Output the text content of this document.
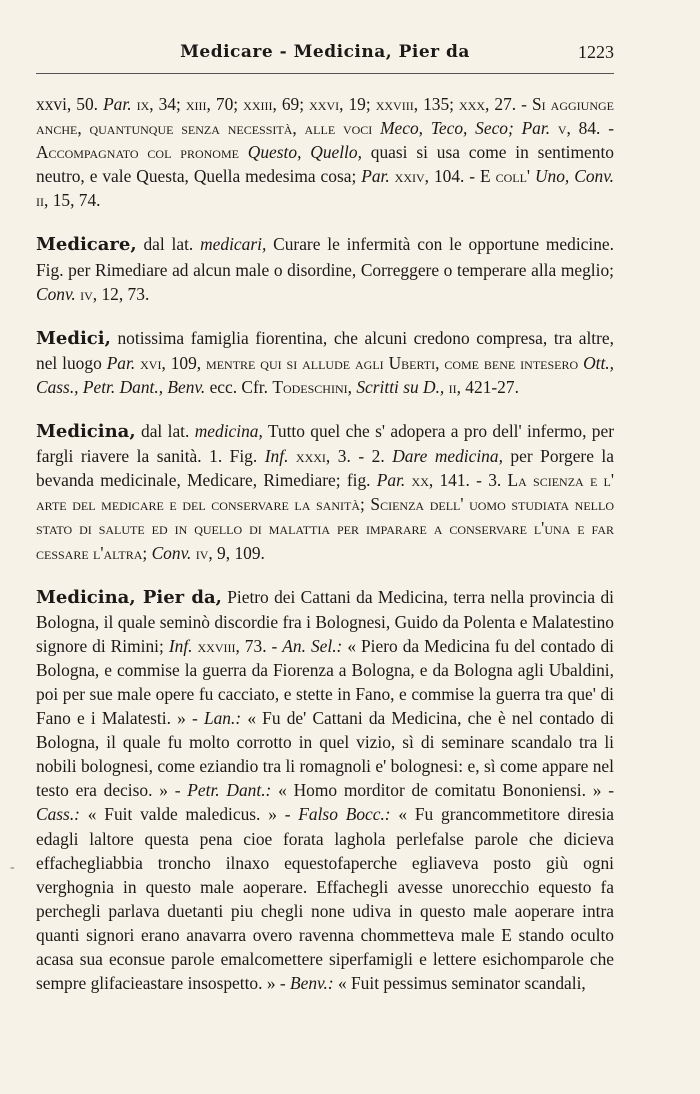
Medicare - Medicina, Pier da	1223
-

xxvi, 50. Par. ix, 34; xiii, 70; xxiii, 69; xxvi, 19; xxviii, 135; xxx, 27. - Si aggiunge anche, quantunque senza necessità, alle voci Meco, Teco, Seco; Par. v, 84. - Accompagnato col pronome Questo, Quello, quasi si usa come in sentimento neutro, e vale Questa, Quella medesima cosa; Par. xxiv, 104. - E coll' Uno, Conv. ii, 15, 74.

Medicare, dal lat. medicari, Curare le infermità con le opportune medicine. Fig. per Rimediare ad alcun male o disordine, Correggere o temperare alla meglio; Conv. iv, 12, 73.

Medici, notissima famiglia fiorentina, che alcuni credono compresa, tra altre, nel luogo Par. xvi, 109, mentre qui si allude agli Uberti, come bene intesero Ott., Cass., Petr. Dant., Benv. ecc. Cfr. Todeschini, Scritti su D., ii, 421-27.

Medicina, dal lat. medicina, Tutto quel che s' adopera a pro dell' infermo, per fargli riavere la sanità. 1. Fig. Inf. xxxi, 3. - 2. Dare medicina, per Porgere la bevanda medicinale, Medicare, Rimediare; fig. Par. xx, 141. - 3. La scienza e l' arte del medicare e del conservare la sanità; Scienza dell' uomo studiata nello stato di salute ed in quello di malattia per imparare a conservare l'una e far cessare l'altra; Conv. iv, 9, 109.

Medicina, Pier da, Pietro dei Cattani da Medicina, terra nella provincia di Bologna, il quale seminò discordie fra i Bolognesi, Guido da Polenta e Malatestino signore di Rimini; Inf. xxviii, 73. - An. Sel.: « Piero da Medicina fu del contado di Bologna, e commise la guerra da Fiorenza a Bologna, e da Bologna agli Ubaldini, poi per sue male opere fu cacciato, e stette in Fano, e commise la guerra tra que' di Fano e i Malatesti. » - Lan.: « Fu de' Cattani da Medicina, che è nel contado di Bologna, il quale fu molto corrotto in quel vizio, sì di seminare scandalo tra li nobili bolognesi, come eziandio tra li romagnoli e' bolognesi: e, sì come appare nel testo era deciso. » - Petr. Dant.: « Homo morditor de comitatu Bononiensi. » - Cass.: « Fuit valde maledicus. » - Falso Bocc.: « Fu grancommetitore diresia edagli laltore questa pena cioe forata laghola perlefalse parole che dicieva effachegliabbia troncho ilnaxo equestofaperche egliaveva posto giù ogni verghognia in questo male aoperare. Effachegli avesse unorecchio equesto fa perchegli parlava duetanti piu chegli none udiva in questo male aoperare intra quanti signori erano anavarra overo ravenna chommetteva male E stando oculto acasa sua econsue parole emalcomettere siperfamigli e lettere esichomparole che sempre glifacieastare insospetto. » - Benv.: « Fuit pessimus seminator scandali,
